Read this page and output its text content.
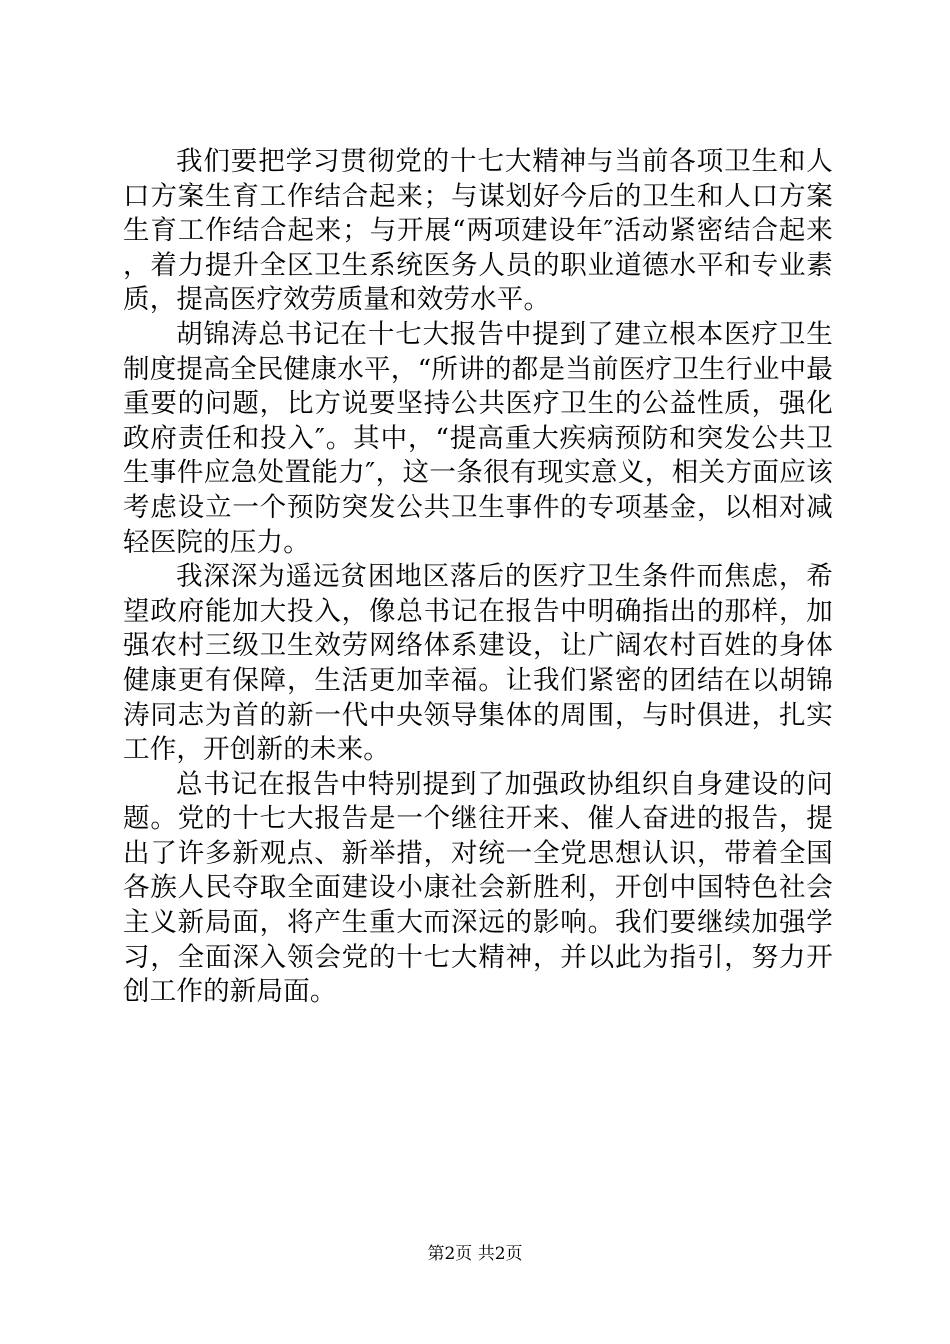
我们要把学习贯彻党的十七大精神与当前各项卫生和人口方案生育工作结合起来；与谋划好今后的卫生和人口方案生育工作结合起来；与开展“两项建设年″活动紧密结合起来，着力提升全区卫生系统医务人员的职业道德水平和专业素质，提高医疗效劳质量和效劳水平。

胡锦涛总书记在十七大报告中提到了建立根本医疗卫生制度提高全民健康水平，“所讲的都是当前医疗卫生行业中最重要的问题，比方说要坚持公共医疗卫生的公益性质，强化政府责任和投入″。其中，“提高重大疾病预防和突发公共卫生事件应急处置能力″，这一条很有现实意义，相关方面应该考虑设立一个预防突发公共卫生事件的专项基金，以相对减轻医院的压力。

我深深为遥远贫困地区落后的医疗卫生条件而焦虑，希望政府能加大投入，像总书记在报告中明确指出的那样，加强农村三级卫生效劳网络体系建设，让广阔农村百姓的身体健康更有保障，生活更加幸福。让我们紧密的团结在以胡锦涛同志为首的新一代中央领导集体的周围，与时俱进，扎实工作，开创新的未来。

总书记在报告中特别提到了加强政协组织自身建设的问题。党的十七大报告是一个继往开来、催人奋进的报告，提出了许多新观点、新举措，对统一全党思想认识，带着全国各族人民夺取全面建设小康社会新胜利，开创中国特色社会主义新局面，将产生重大而深远的影响。我们要继续加强学习，全面深入领会党的十七大精神，并以此为指引，努力开创工作的新局面。

第2页 共2页
